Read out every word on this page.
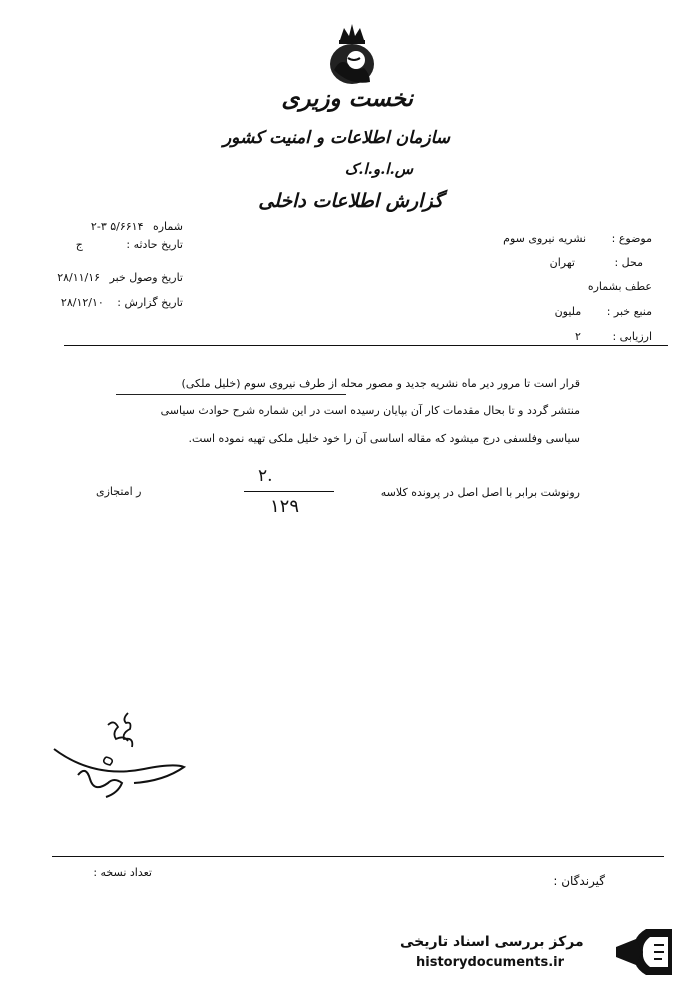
نخست وزیری
سازمان اطلاعات و امنیت کشور
س.ا.و.ا.ک
گزارش اطلاعات داخلی
موضوع : نشریه نیروی سوم
محل : تهران
عطف بشماره
منبع خبر : ملیون
ارزیابی : ۲
شماره ۵/۶۶۱۴ ۳-۲
تاریخ حادثه : ج
تاریخ وصول خبر ۲۸/۱۱/۱۶
تاریخ گزارش : ۲۸/۱۲/۱۰
قرار است تا مرور دیر ماه نشریه جدید و مصور محله از طرف نیروی سوم (خلیل ملکی)
منتشر گردد و تا بحال مقدمات کار آن بپایان رسیده است در این شماره شرح حوادث سیاسی
سیاسی وفلسفی درج میشود که مقاله اساسی آن را خود خلیل ملکی تهیه نموده است.
رونوشت برابر با اصل اصل در پرونده کلاسه
ر امتجازی
۲.
۱۲۹
تعداد نسخه :
گیرندگان :
مرکز بررسی اسناد تاریخی
historydocuments.ir
